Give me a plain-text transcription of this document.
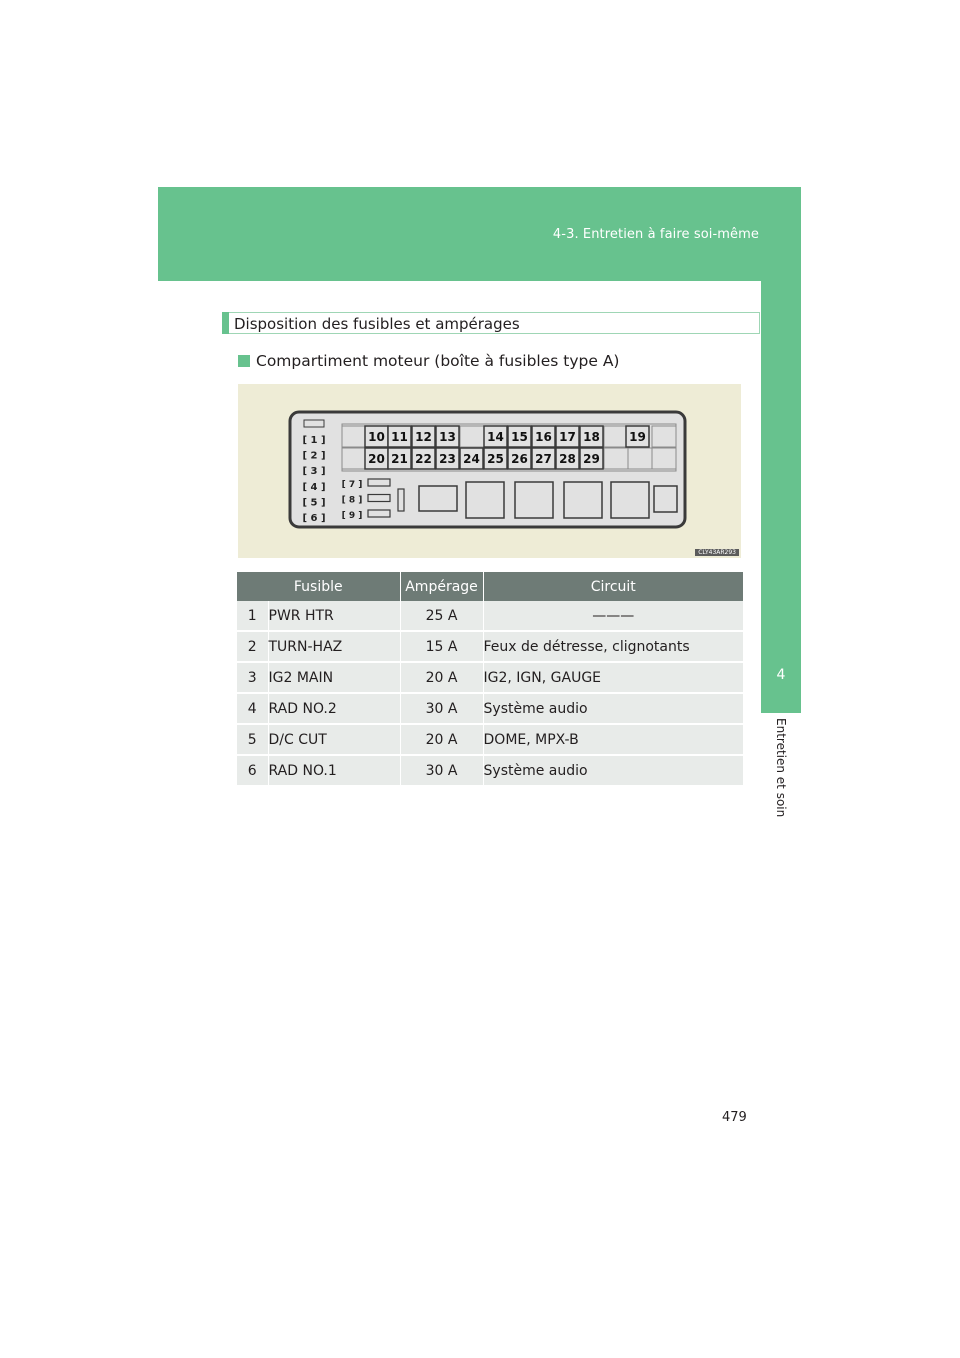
4-3. Entretien à faire soi-même
4
Entretien et soin
Disposition des fusibles et ampérages
Compartiment moteur (boîte à fusibles type A)
[ 1 ]
[ 2 ]
[ 3 ]
[ 4 ]
[ 5 ]
[ 6 ]
[ 7 ]
[ 8 ]
[ 9 ]
10 11 12 13	14 15 16 17 18 19
20 21 22 23 24 25 26 27 28 29
CLY43AR293
Fusible		Ampérage	Circuit
1	PWR HTR	25 A	———
2	TURN-HAZ	15 A	Feux de détresse, clignotants
3	IG2 MAIN	20 A	IG2, IGN, GAUGE
4	RAD NO.2	30 A	Système audio
5	D/C CUT	20 A	DOME, MPX-B
6	RAD NO.1	30 A	Système audio
479
